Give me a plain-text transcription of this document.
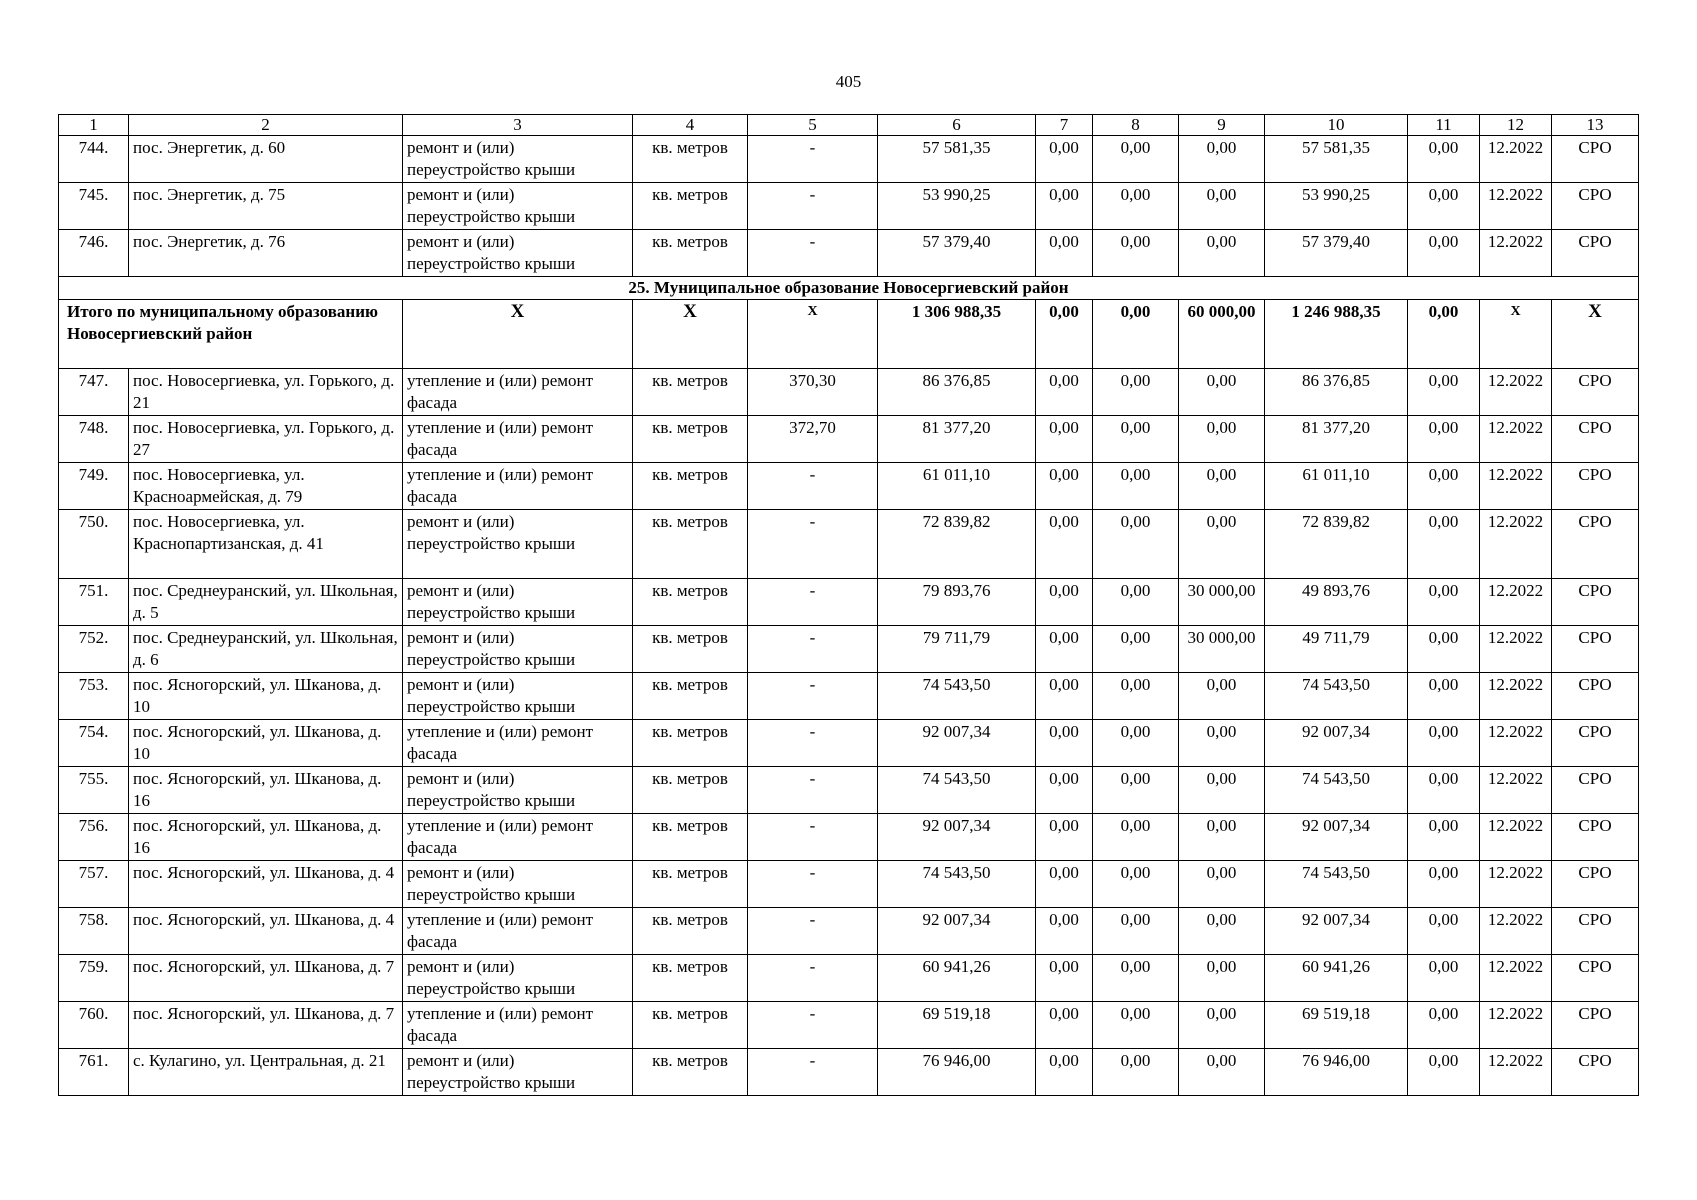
405
1	2	3	4	5	6	7	8	9	10	11	12	13
744.	пос. Энергетик, д. 60	ремонт и (или) переустройство крыши	кв. метров	-	57 581,35	0,00	0,00	0,00	57 581,35	0,00	12.2022	СРО
745.	пос. Энергетик, д. 75	ремонт и (или) переустройство крыши	кв. метров	-	53 990,25	0,00	0,00	0,00	53 990,25	0,00	12.2022	СРО
746.	пос. Энергетик, д. 76	ремонт и (или) переустройство крыши	кв. метров	-	57 379,40	0,00	0,00	0,00	57 379,40	0,00	12.2022	СРО
25. Муниципальное образование Новосергиевский район												
Итого по муниципальному образованию Новосергиевский район		Х	Х	Х	1 306 988,35	0,00	0,00	60 000,00	1 246 988,35	0,00	Х	Х
747.	пос. Новосергиевка, ул. Горького, д. 21	утепление и (или) ремонт фасада	кв. метров	370,30	86 376,85	0,00	0,00	0,00	86 376,85	0,00	12.2022	СРО
748.	пос. Новосергиевка, ул. Горького, д. 27	утепление и (или) ремонт фасада	кв. метров	372,70	81 377,20	0,00	0,00	0,00	81 377,20	0,00	12.2022	СРО
749.	пос. Новосергиевка, ул. Красноармейская, д. 79	утепление и (или) ремонт фасада	кв. метров	-	61 011,10	0,00	0,00	0,00	61 011,10	0,00	12.2022	СРО
750.	пос. Новосергиевка, ул. Краснопартизанская, д. 41	ремонт и (или) переустройство крыши	кв. метров	-	72 839,82	0,00	0,00	0,00	72 839,82	0,00	12.2022	СРО
751.	пос. Среднеуранский, ул. Школьная, д. 5	ремонт и (или) переустройство крыши	кв. метров	-	79 893,76	0,00	0,00	30 000,00	49 893,76	0,00	12.2022	СРО
752.	пос. Среднеуранский, ул. Школьная, д. 6	ремонт и (или) переустройство крыши	кв. метров	-	79 711,79	0,00	0,00	30 000,00	49 711,79	0,00	12.2022	СРО
753.	пос. Ясногорский, ул. Шканова, д. 10	ремонт и (или) переустройство крыши	кв. метров	-	74 543,50	0,00	0,00	0,00	74 543,50	0,00	12.2022	СРО
754.	пос. Ясногорский, ул. Шканова, д. 10	утепление и (или) ремонт фасада	кв. метров	-	92 007,34	0,00	0,00	0,00	92 007,34	0,00	12.2022	СРО
755.	пос. Ясногорский, ул. Шканова, д. 16	ремонт и (или) переустройство крыши	кв. метров	-	74 543,50	0,00	0,00	0,00	74 543,50	0,00	12.2022	СРО
756.	пос. Ясногорский, ул. Шканова, д. 16	утепление и (или) ремонт фасада	кв. метров	-	92 007,34	0,00	0,00	0,00	92 007,34	0,00	12.2022	СРО
757.	пос. Ясногорский, ул. Шканова, д. 4	ремонт и (или) переустройство крыши	кв. метров	-	74 543,50	0,00	0,00	0,00	74 543,50	0,00	12.2022	СРО
758.	пос. Ясногорский, ул. Шканова, д. 4	утепление и (или) ремонт фасада	кв. метров	-	92 007,34	0,00	0,00	0,00	92 007,34	0,00	12.2022	СРО
759.	пос. Ясногорский, ул. Шканова, д. 7	ремонт и (или) переустройство крыши	кв. метров	-	60 941,26	0,00	0,00	0,00	60 941,26	0,00	12.2022	СРО
760.	пос. Ясногорский, ул. Шканова, д. 7	утепление и (или) ремонт фасада	кв. метров	-	69 519,18	0,00	0,00	0,00	69 519,18	0,00	12.2022	СРО
761.	с. Кулагино, ул. Центральная, д. 21	ремонт и (или) переустройство крыши	кв. метров	-	76 946,00	0,00	0,00	0,00	76 946,00	0,00	12.2022	СРО
